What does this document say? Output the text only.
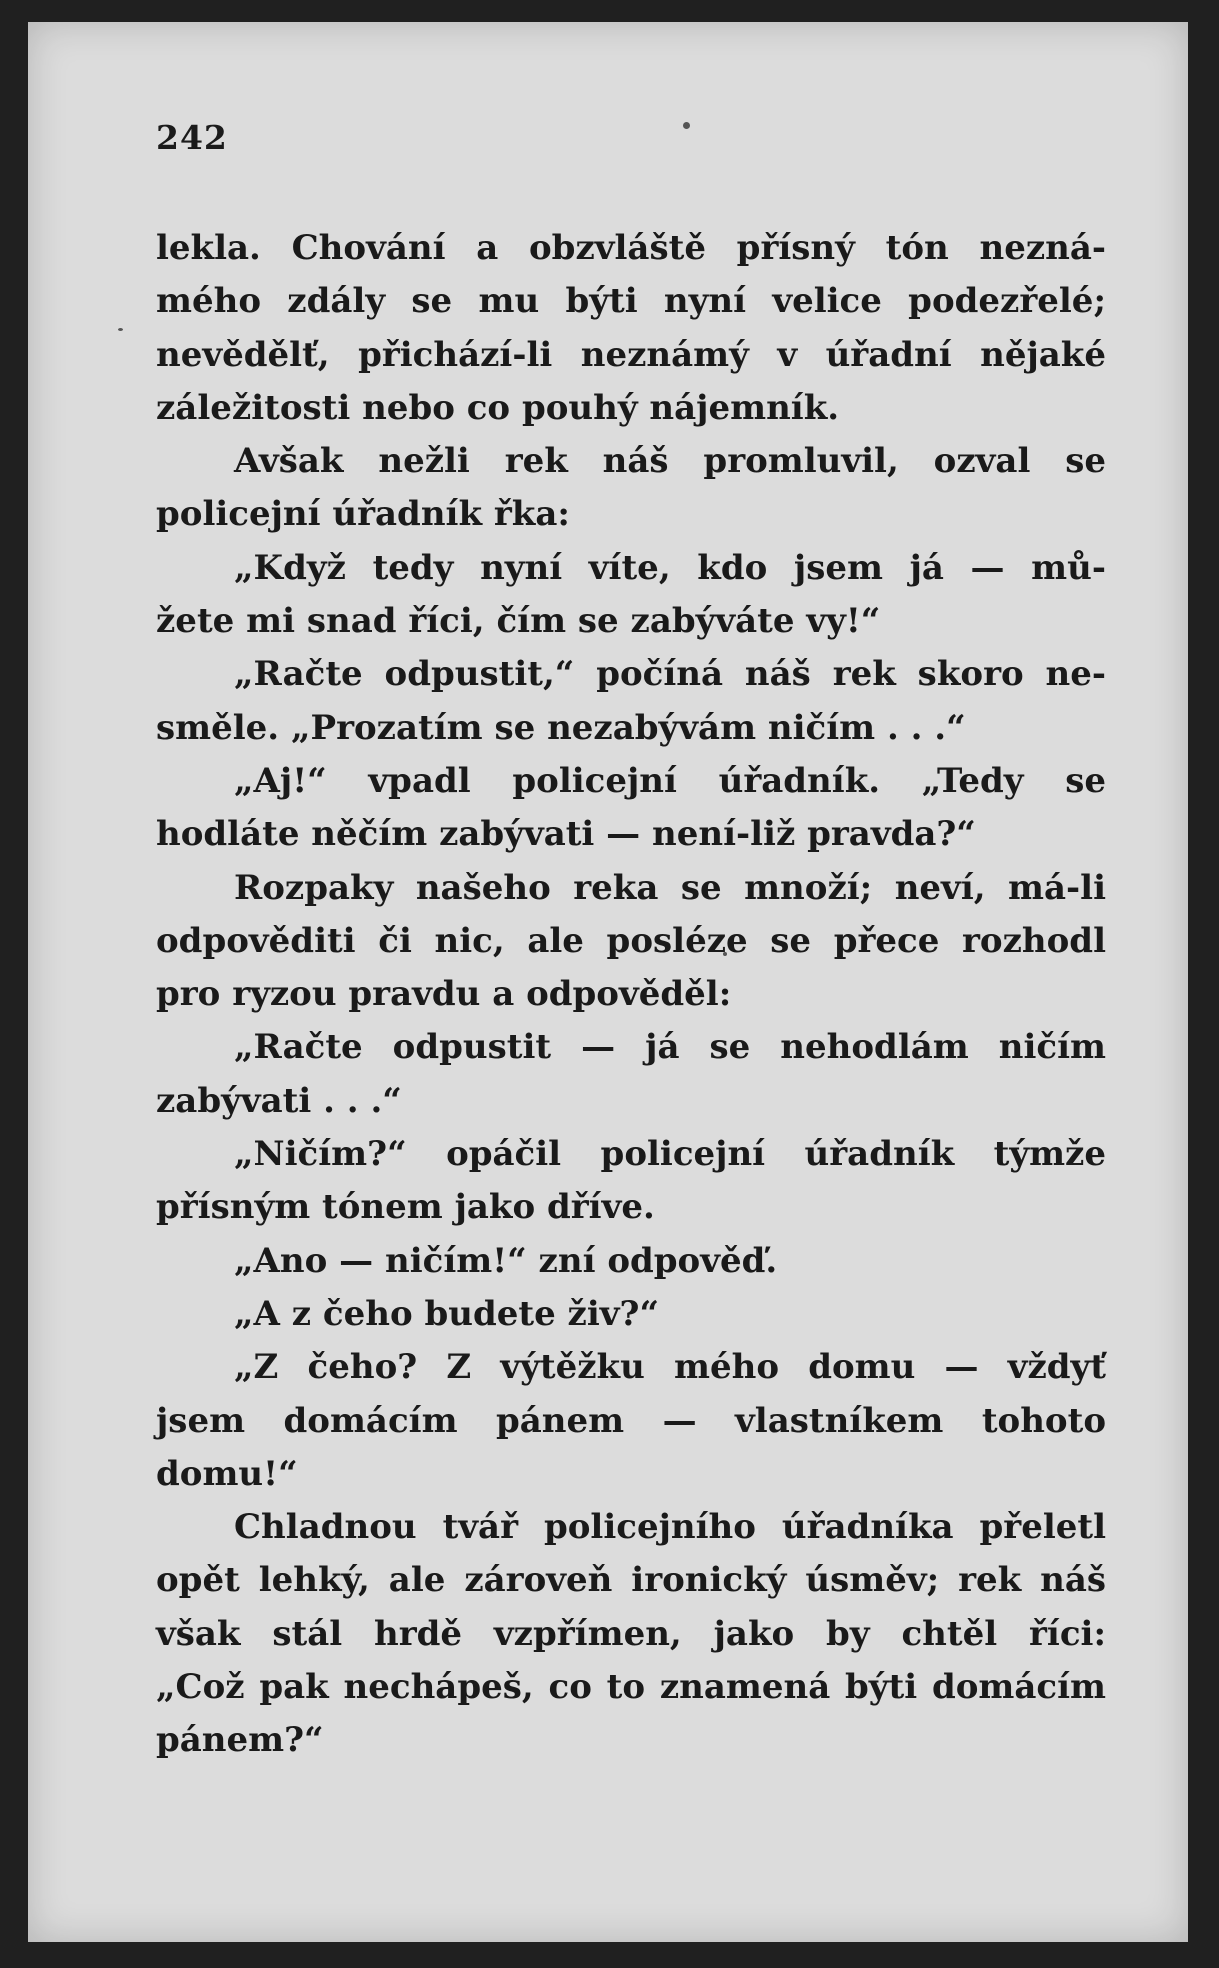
242
lekla. Chování a obzvláště přísný tón nezná-
mého zdály se mu býti nyní velice podezřelé;
nevědělť, přichází-li neznámý v úřadní nějaké
záležitosti nebo co pouhý nájemník.
Avšak nežli rek náš promluvil, ozval se
policejní úřadník řka:
„Když tedy nyní víte, kdo jsem já — mů-
žete mi snad říci, čím se zabýváte vy!“
„Račte odpustit,“ počíná náš rek skoro ne-
směle. „Prozatím se nezabývám ničím . . .“
„Aj!“ vpadl policejní úřadník. „Tedy se
hodláte něčím zabývati — není-liž pravda?“
Rozpaky našeho reka se množí; neví, má-li
odpověditi či nic, ale posléze se přece rozhodl
pro ryzou pravdu a odpověděl:
„Račte odpustit — já se nehodlám ničím
zabývati . . .“
„Ničím?“ opáčil policejní úřadník týmže
přísným tónem jako dříve.
„Ano — ničím!“ zní odpověď.
„A z čeho budete živ?“
„Z čeho? Z výtěžku mého domu — vždyť
jsem domácím pánem — vlastníkem tohoto
domu!“
Chladnou tvář policejního úřadníka přeletl
opět lehký, ale zároveň ironický úsměv; rek náš
však stál hrdě vzpřímen, jako by chtěl říci:
„Což pak nechápeš, co to znamená býti domácím
pánem?“
